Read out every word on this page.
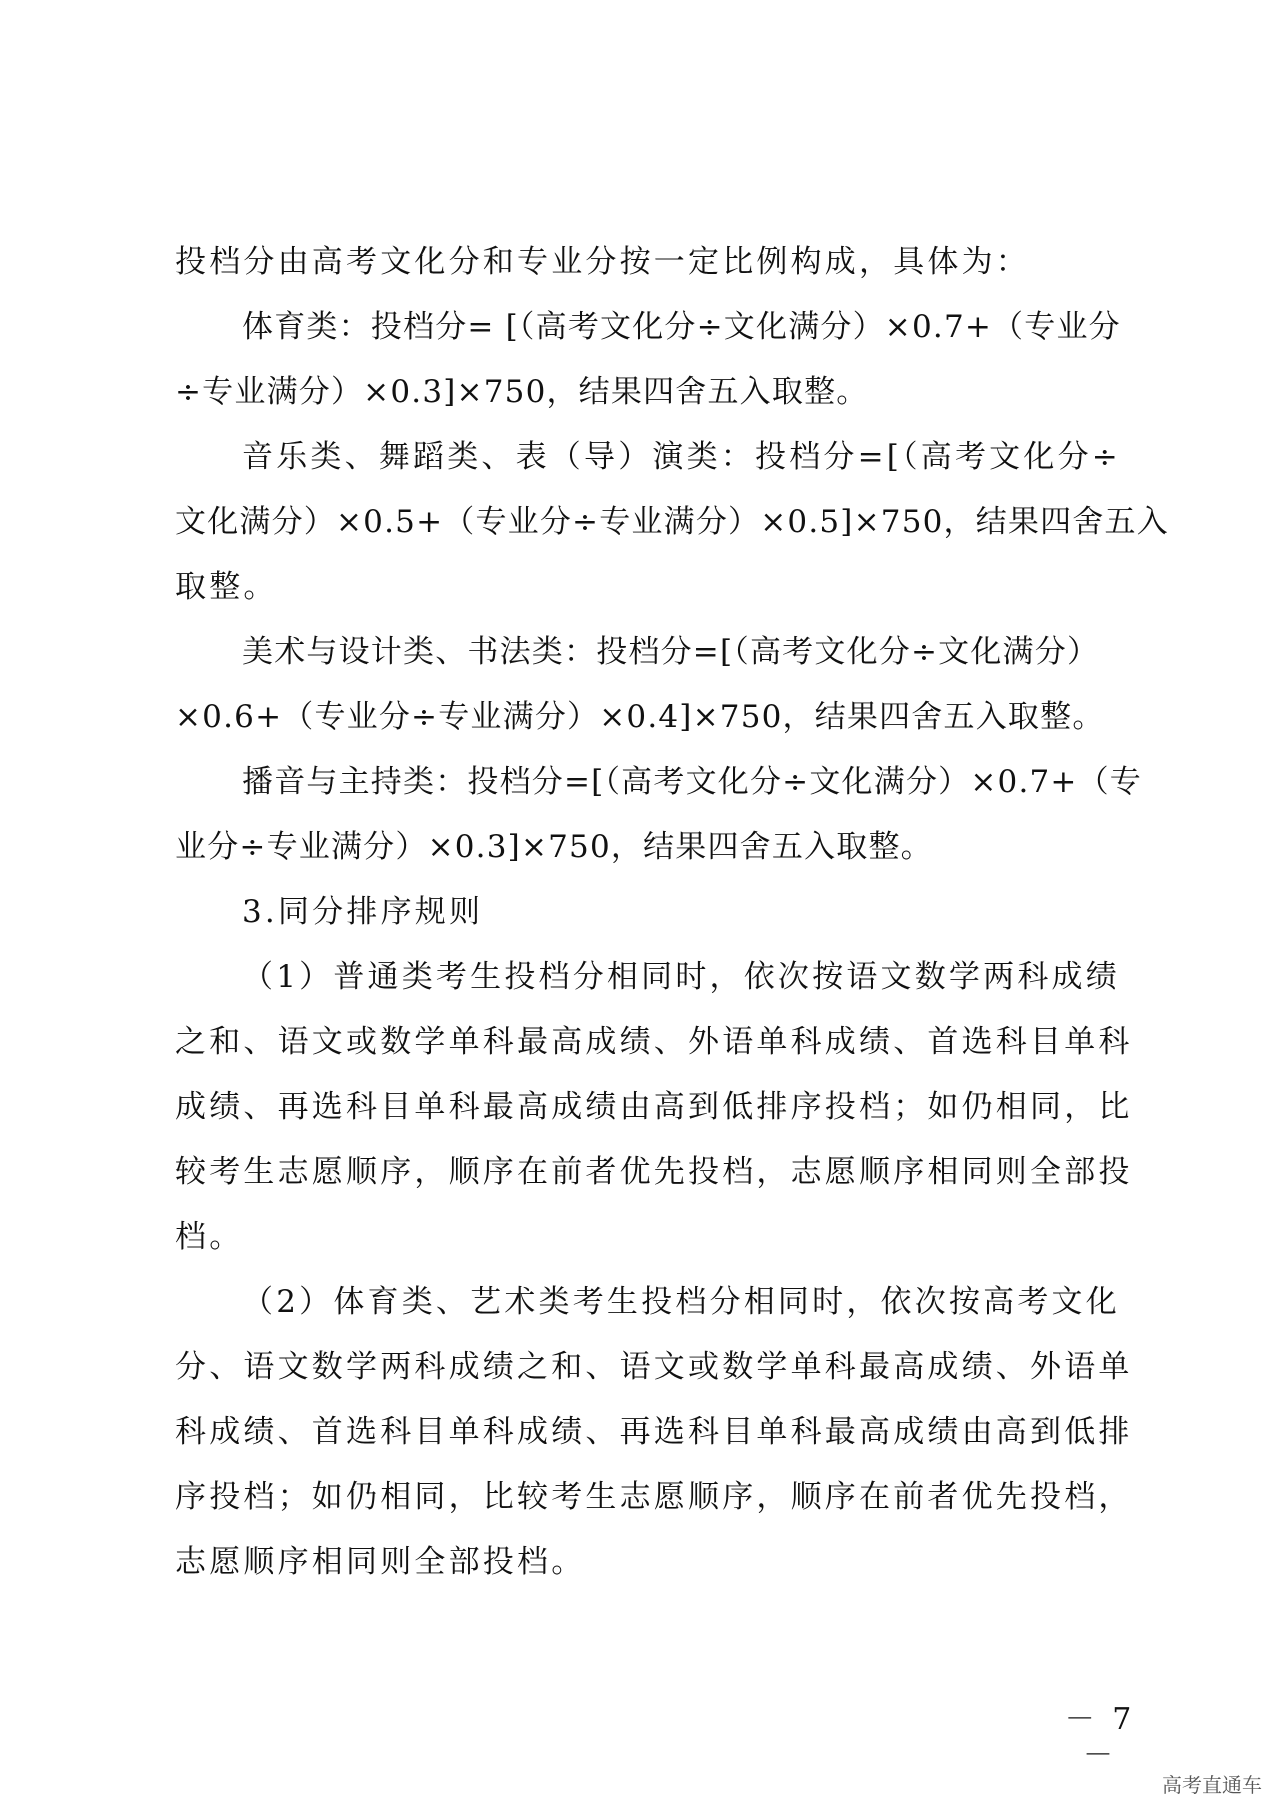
投档分由高考文化分和专业分按一定比例构成，具体为：
体育类：投档分= [（高考文化分÷文化满分）×0.7+（专业分
÷专业满分）×0.3]×750，结果四舍五入取整。
音乐类、舞蹈类、表（导）演类：投档分=[（高考文化分÷
文化满分）×0.5+（专业分÷专业满分）×0.5]×750，结果四舍五入
取整。
美术与设计类、书法类：投档分=[（高考文化分÷文化满分）
×0.6+（专业分÷专业满分）×0.4]×750，结果四舍五入取整。
播音与主持类：投档分=[（高考文化分÷文化满分）×0.7+（专
业分÷专业满分）×0.3]×750，结果四舍五入取整。
3.同分排序规则
（1）普通类考生投档分相同时，依次按语文数学两科成绩
之和、语文或数学单科最高成绩、外语单科成绩、首选科目单科
成绩、再选科目单科最高成绩由高到低排序投档；如仍相同，比
较考生志愿顺序，顺序在前者优先投档，志愿顺序相同则全部投
档。
（2）体育类、艺术类考生投档分相同时，依次按高考文化
分、语文数学两科成绩之和、语文或数学单科最高成绩、外语单
科成绩、首选科目单科成绩、再选科目单科最高成绩由高到低排
序投档；如仍相同，比较考生志愿顺序，顺序在前者优先投档，
志愿顺序相同则全部投档。
－ 7 －
高考直通车
